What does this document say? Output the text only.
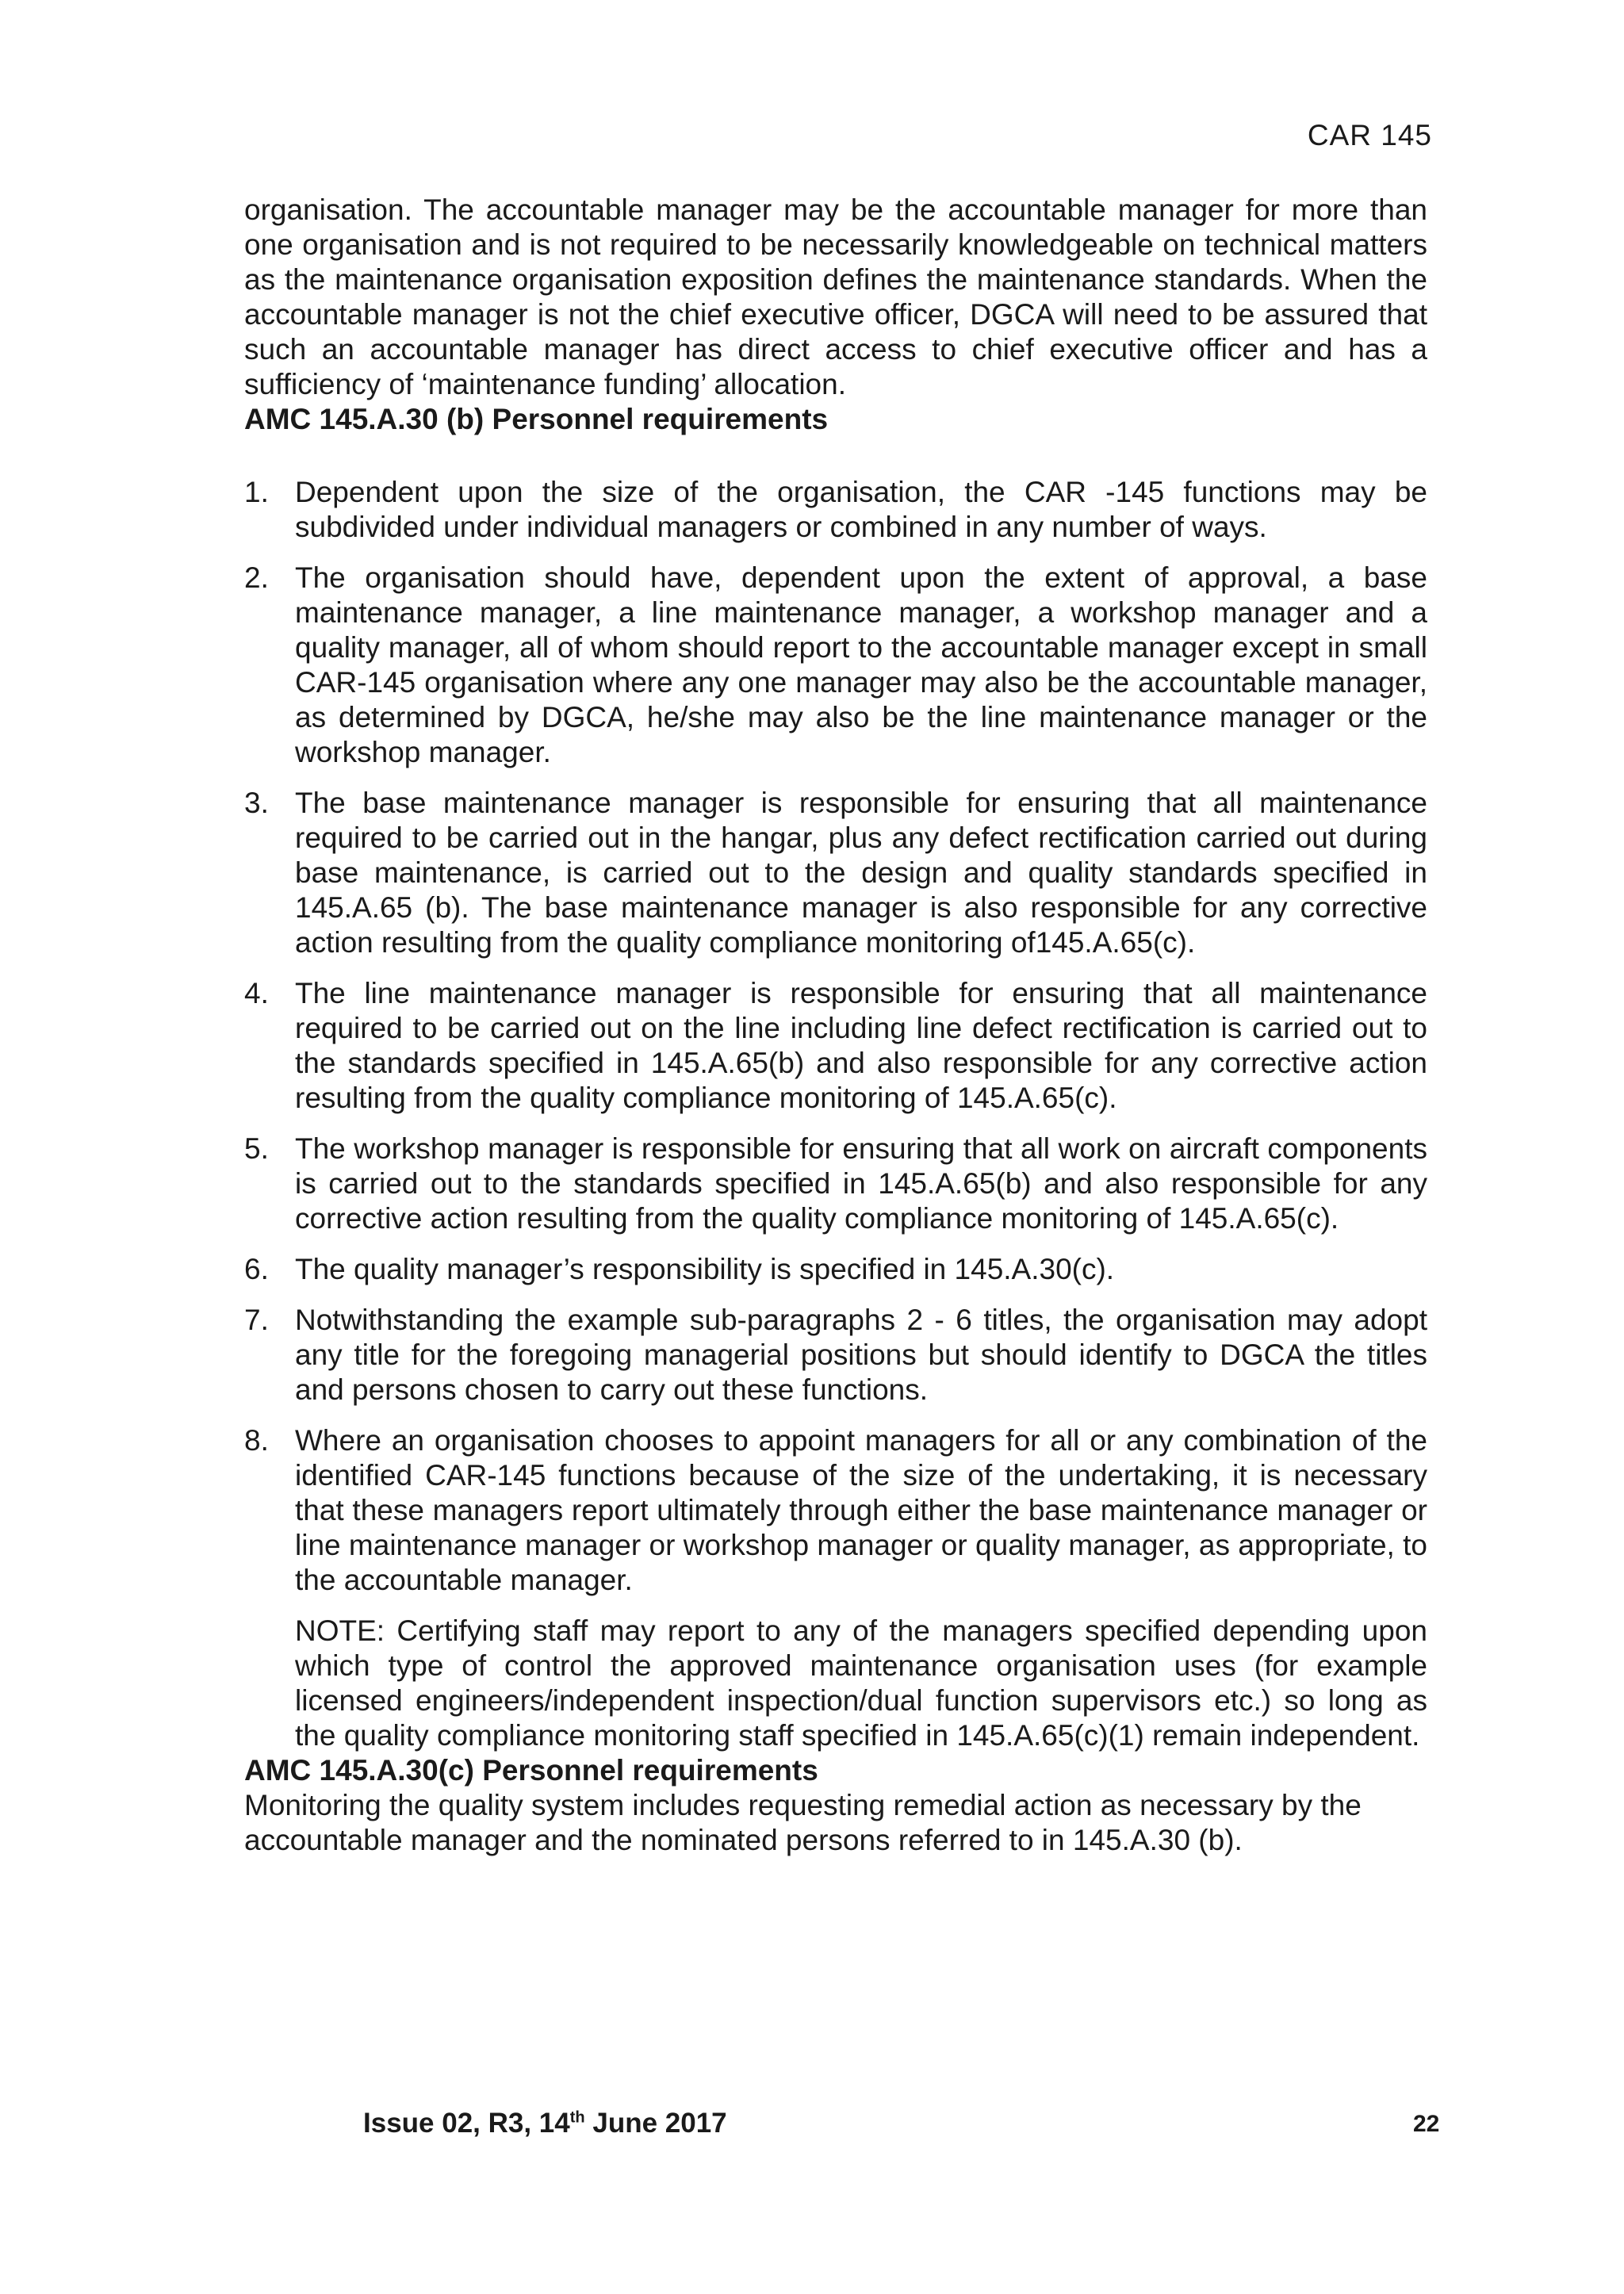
CAR 145

organisation. The accountable manager may be the accountable manager for more than one organisation and is not required to be necessarily knowledgeable on technical matters as the maintenance organisation exposition defines the maintenance standards. When the accountable manager is not the chief executive officer, DGCA will need to be assured that such an accountable manager has direct access to chief executive officer and has a sufficiency of ‘maintenance funding’ allocation.

AMC 145.A.30 (b) Personnel requirements

1. Dependent upon the size of the organisation, the CAR -145 functions may be subdivided under individual managers or combined in any number of ways.
2. The organisation should have, dependent upon the extent of approval, a base maintenance manager, a line maintenance manager, a workshop manager and a quality manager, all of whom should report to the accountable manager except in small CAR-145 organisation where any one manager may also be the accountable manager, as determined by DGCA, he/she may also be the line maintenance manager or the workshop manager.
3. The base maintenance manager is responsible for ensuring that all maintenance required to be carried out in the hangar, plus any defect rectification carried out during base maintenance, is carried out to the design and quality standards specified in 145.A.65 (b). The base maintenance manager is also responsible for any corrective action resulting from the quality compliance monitoring of145.A.65(c).
4. The line maintenance manager is responsible for ensuring that all maintenance required to be carried out on the line including line defect rectification is carried out to the standards specified in 145.A.65(b) and also responsible for any corrective action resulting from the quality compliance monitoring of 145.A.65(c).
5. The workshop manager is responsible for ensuring that all work on aircraft components is carried out to the standards specified in 145.A.65(b) and also responsible for any corrective action resulting from the quality compliance monitoring of 145.A.65(c).
6. The quality manager’s responsibility is specified in 145.A.30(c).
7. Notwithstanding the example sub-paragraphs 2 - 6 titles, the organisation may adopt any title for the foregoing managerial positions but should identify to DGCA the titles and persons chosen to carry out these functions.
8. Where an organisation chooses to appoint managers for all or any combination of the identified CAR-145 functions because of the size of the undertaking, it is necessary that these managers report ultimately through either the base maintenance manager or line maintenance manager or workshop manager or quality manager, as appropriate, to the accountable manager.

NOTE: Certifying staff may report to any of the managers specified depending upon which type of control the approved maintenance organisation uses (for example licensed engineers/independent inspection/dual function supervisors etc.) so long as the quality compliance monitoring staff specified in 145.A.65(c)(1) remain independent.

AMC 145.A.30(c) Personnel requirements

Monitoring the quality system includes requesting remedial action as necessary by the accountable manager and the nominated persons referred to in 145.A.30 (b).

Issue 02, R3, 14th June 2017	22
